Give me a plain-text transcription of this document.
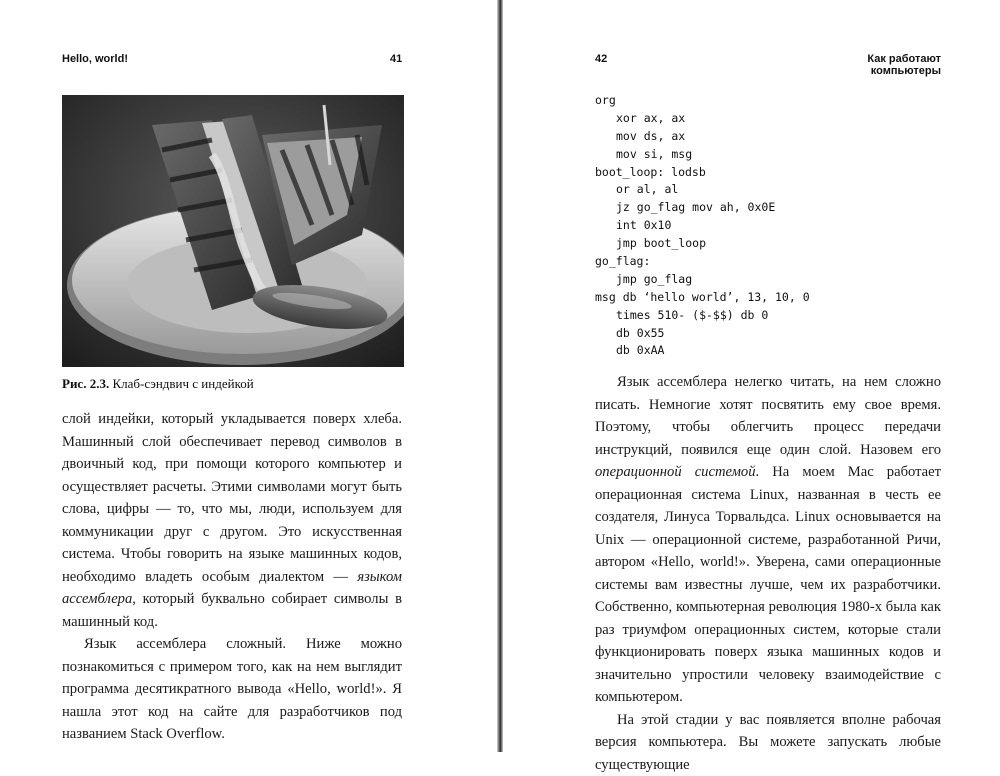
Hello, world!	41
Рис. 2.3. Клаб-сэндвич с индейкой

слой индейки, который укладывается поверх хлеба. Машинный слой обеспечивает перевод символов в двоичный код, при помощи которого компьютер и осуществляет расчеты. Этими символами могут быть слова, цифры — то, что мы, люди, используем для коммуникации друг с другом. Это искусственная система. Чтобы говорить на языке машинных кодов, необходимо владеть особым диалектом — языком ассемблера, который буквально собирает символы в машинный код.

Язык ассемблера сложный. Ниже можно познакомиться с примером того, как на нем выглядит программа десятикратного вывода «Hello, world!». Я нашла этот код на сайте для разработчиков под названием Stack Overflow.

42	Как работают компьютеры
org
xor ax, ax
mov ds, ax
mov si, msg
boot_loop: lodsb
or al, al
jz go_flag mov ah, 0x0E
int 0x10
jmp boot_loop
go_flag:
jmp go_flag
msg db ‘hello world’, 13, 10, 0
times 510- ($-$$) db 0
db 0x55
db 0xAA

Язык ассемблера нелегко читать, на нем сложно писать. Немногие хотят посвятить ему свое время. Поэтому, чтобы облегчить процесс передачи инструкций, появился еще один слой. Назовем его операционной системой. На моем Mac работает операционная система Linux, названная в честь ее создателя, Линуса Торвальдса. Linux основывается на Unix — операционной системе, разработанной Ричи, автором «Hello, world!». Уверена, сами операционные системы вам известны лучше, чем их разработчики. Собственно, компьютерная революция 1980-х была как раз триумфом операционных систем, которые стали функционировать поверх языка машинных кодов и значительно упростили человеку взаимодействие с компьютером.

На этой стадии у вас появляется вполне рабочая версия компьютера. Вы можете запускать любые существующие
